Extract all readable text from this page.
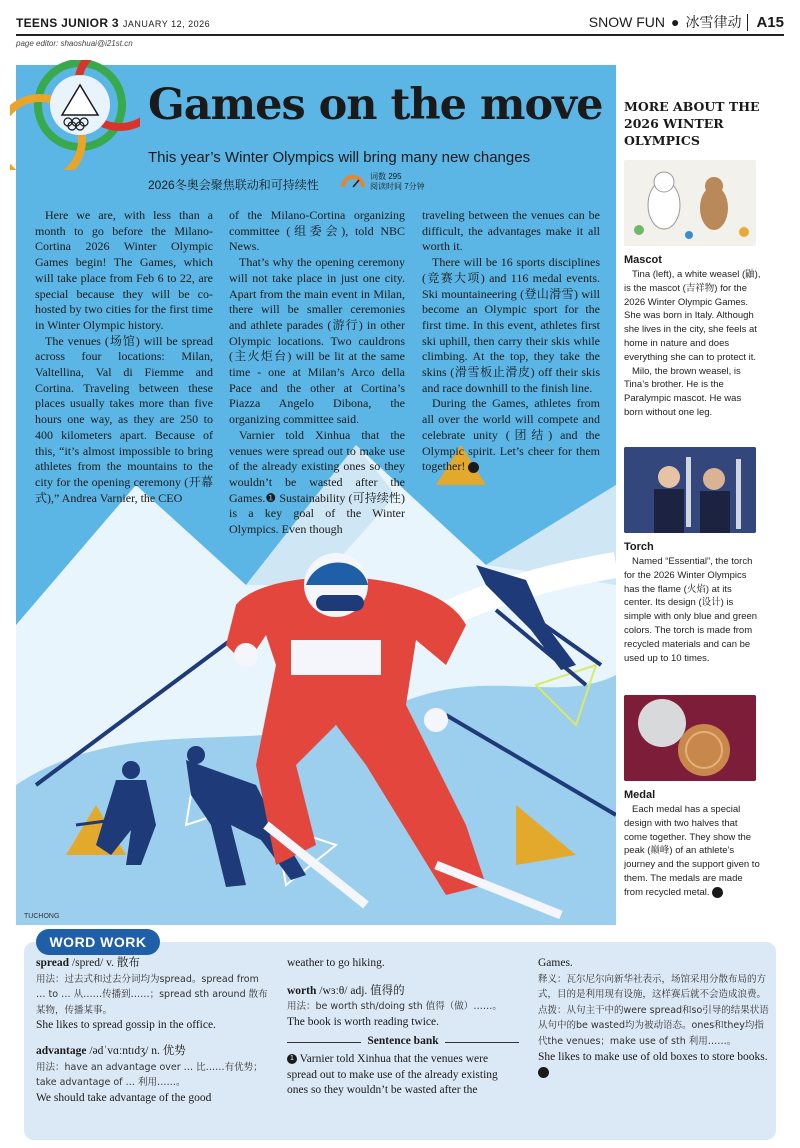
TEENS JUNIOR 3 JANUARY 12, 2026	SNOW FUN ● 冰雪律动	A15
page editor: shaoshuai@i21st.cn
Games on the move
This year’s Winter Olympics will bring many new changes
2026冬奥会聚焦联动和可持续性
词数 295
阅读时间 7分钟

Here we are, with less than a month to go before the Milano-Cortina 2026 Winter Olympic Games begin! The Games, which will take place from Feb 6 to 22, are special because they will be co-hosted by two cities for the first time in Winter Olympic history.

The venues (场馆) will be spread across four locations: Milan, Valtellina, Val di Fiemme and Cortina. Traveling between these places usually takes more than five hours one way, as they are 250 to 400 kilometers apart. Because of this, “it’s almost impossible to bring athletes from the mountains to the city for the opening ceremony (开幕式),” Andrea Varnier, the CEO

of the Milano-Cortina organizing committee (组委会), told NBC News.

That’s why the opening ceremony will not take place in just one city. Apart from the main event in Milan, there will be smaller ceremonies and athlete parades (游行) in other Olympic locations. Two cauldrons (主火炬台) will be lit at the same time - one at Milan’s Arco della Pace and the other at Cortina’s Piazza Angelo Dibona, the organizing committee said.

Varnier told Xinhua that the venues were spread out to make use of the already existing ones so they wouldn’t be wasted after the Games.❶ Sustainability (可持续性) is a key goal of the Winter Olympics. Even though

traveling between the venues can be difficult, the advantages make it all worth it.

There will be 16 sports disciplines (竞赛大项) and 116 medal events. Ski mountaineering (登山滑雪) will become an Olympic sport for the first time. In this event, athletes first ski uphill, then carry their skis while climbing. At the top, they take the skins (滑雪板止滑皮) off their skis and race downhill to the finish line.

During the Games, athletes from all over the world will compete and celebrate unity (团结) and the Olympic spirit. Let’s cheer for them together!

TUCHONG
MORE ABOUT THE 2026 WINTER OLYMPICS
Mascot

Tina (left), a white weasel (鼬), is the mascot (吉祥物) for the 2026 Winter Olympic Games. She was born in Italy. Although she lives in the city, she feels at home in nature and does everything she can to protect it.

Milo, the brown weasel, is Tina’s brother. He is the Paralympic mascot. He was born without one leg.

Torch

Named “Essential”, the torch for the 2026 Winter Olympics has the flame (火焰) at its center. Its design (设计) is simple with only blue and green colors. The torch is made from recycled materials and can be used up to 10 times.

Medal

Each medal has a special design with two halves that come together. They show the peak (巅峰) of an athlete’s journey and the support given to them. The medals are made from recycled metal.

WORD WORK
spread /spred/ v. 散布
用法：过去式和过去分词均为spread。spread from … to … 从……传播到……；spread sth around 散布某物，传播某事。
She likes to spread gossip in the office.
advantage /ədˈvɑːntɪdʒ/ n. 优势
用法：have an advantage over … 比……有优势；take advantage of … 利用……。
We should take advantage of the good
weather to go hiking.
worth /wɜːθ/ adj. 值得的
用法：be worth sth/doing sth 值得（做）……。
The book is worth reading twice.
Sentence bank
1 Varnier told Xinhua that the venues were spread out to make use of the already existing ones so they wouldn’t be wasted after the
Games.
释义：瓦尔尼尔向新华社表示，场馆采用分散布局的方式，目的是利用现有设施，这样赛后就不会造成浪费。
点拨：从句主干中的were spread和so引导的结果状语从句中的be wasted均为被动语态。ones和they均指代the venues；make use of sth 利用……。
She likes to make use of old boxes to store books.
